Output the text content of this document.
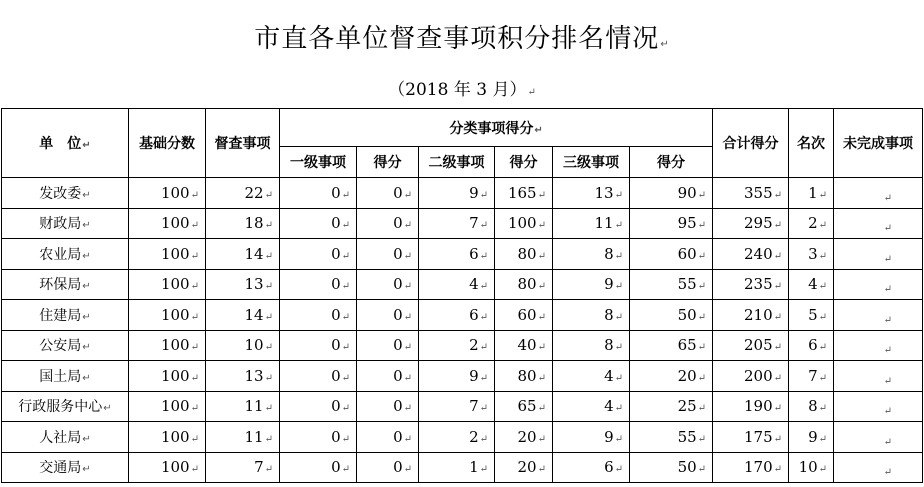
市直各单位督查事项积分排名情况↵
（2018 年 3 月）↵
单　位↵	基础分数	督查事项	分类事项得分↵						合计得分	名次	未完成事项
			一级事项	得分	二级事项	得分	三级事项	得分			
发改委↵	100↵	22↵	0↵	0↵	9↵	165↵	13↵	90↵	355↵	1↵	↵
财政局↵	100↵	18↵	0↵	0↵	7↵	100↵	11↵	95↵	295↵	2↵	↵
农业局↵	100↵	14↵	0↵	0↵	6↵	80↵	8↵	60↵	240↵	3↵	↵
环保局↵	100↵	13↵	0↵	0↵	4↵	80↵	9↵	55↵	235↵	4↵	↵
住建局↵	100↵	14↵	0↵	0↵	6↵	60↵	8↵	50↵	210↵	5↵	↵
公安局↵	100↵	10↵	0↵	0↵	2↵	40↵	8↵	65↵	205↵	6↵	↵
国土局↵	100↵	13↵	0↵	0↵	9↵	80↵	4↵	20↵	200↵	7↵	↵
行政服务中心↵	100↵	11↵	0↵	0↵	7↵	65↵	4↵	25↵	190↵	8↵	↵
人社局↵	100↵	11↵	0↵	0↵	2↵	20↵	9↵	55↵	175↵	9↵	↵
交通局↵	100↵	7↵	0↵	0↵	1↵	20↵	6↵	50↵	170↵	10↵	↵
